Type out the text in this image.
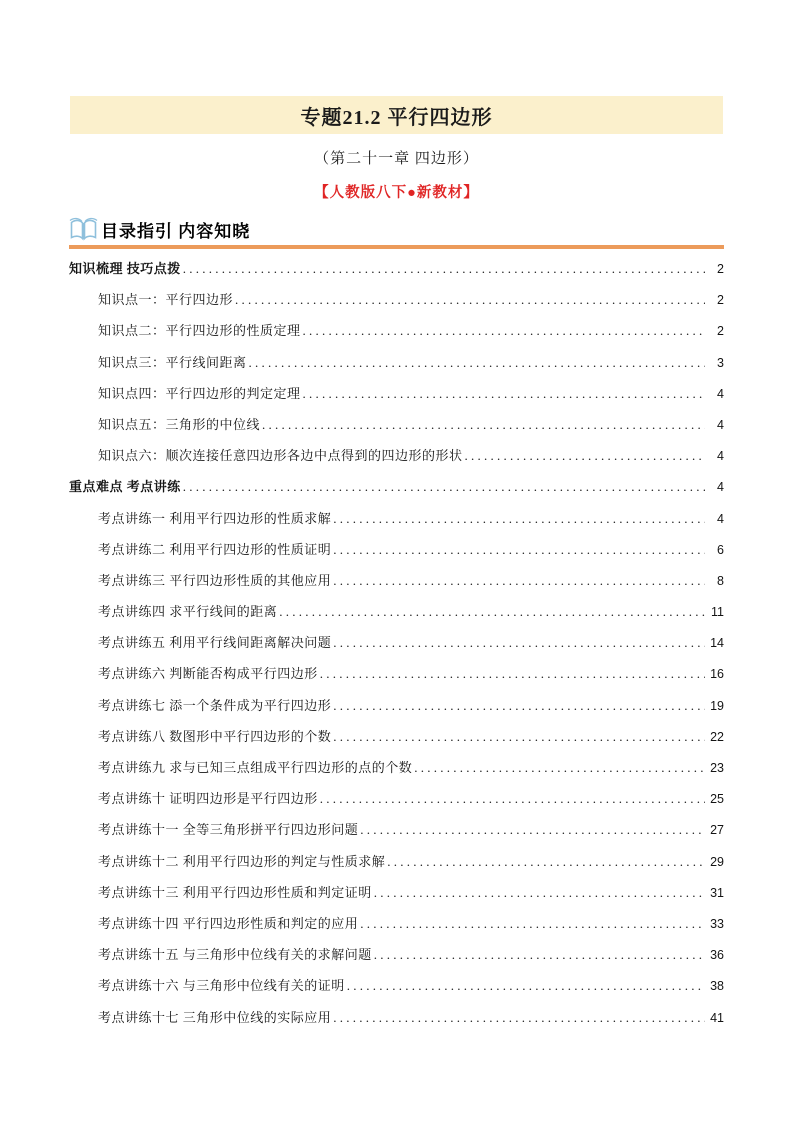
专题21.2 平行四边形
（第二十一章 四边形）
【人教版八下●新教材】
目录指引 内容知晓
知识梳理 技巧点拨 . . .	2
知识点一：平行四边形 . . .	2
知识点二：平行四边形的性质定理 . . .	2
知识点三：平行线间距离 . . .	3
知识点四：平行四边形的判定定理 . . .	4
知识点五：三角形的中位线 . . .	4
知识点六：顺次连接任意四边形各边中点得到的四边形的形状 . . .	4
重点难点 考点讲练 . . .	4
考点讲练一 利用平行四边形的性质求解 . . .	4
考点讲练二 利用平行四边形的性质证明 . . .	6
考点讲练三 平行四边形性质的其他应用 . . .	8
考点讲练四 求平行线间的距离 . . .	11
考点讲练五 利用平行线间距离解决问题 . . .	14
考点讲练六 判断能否构成平行四边形 . . .	16
考点讲练七 添一个条件成为平行四边形 . . .	19
考点讲练八 数图形中平行四边形的个数 . . .	22
考点讲练九 求与已知三点组成平行四边形的点的个数 . . .	23
考点讲练十 证明四边形是平行四边形 . . .	25
考点讲练十一 全等三角形拼平行四边形问题 . . .	27
考点讲练十二 利用平行四边形的判定与性质求解 . . .	29
考点讲练十三 利用平行四边形性质和判定证明 . . .	31
考点讲练十四 平行四边形性质和判定的应用 . . .	33
考点讲练十五 与三角形中位线有关的求解问题 . . .	36
考点讲练十六 与三角形中位线有关的证明 . . .	38
考点讲练十七 三角形中位线的实际应用 . . .	41
